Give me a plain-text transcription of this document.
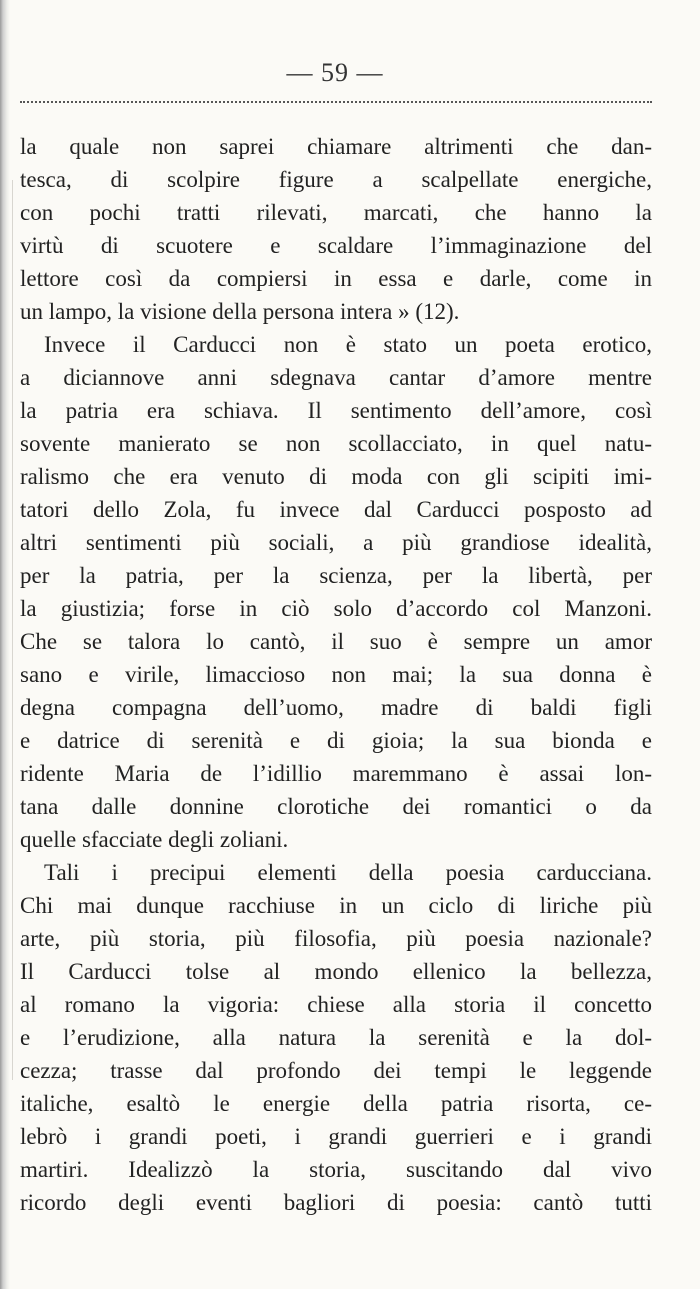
— 59 —
la quale non saprei chiamare altrimenti che dan-
tesca, di scolpire figure a scalpellate energiche,
con pochi tratti rilevati, marcati, che hanno la
virtù di scuotere e scaldare l’immaginazione del
lettore così da compiersi in essa e darle, come in
un lampo, la visione della persona intera » (12).
Invece il Carducci non è stato un poeta erotico,
a diciannove anni sdegnava cantar d’amore mentre
la patria era schiava. Il sentimento dell’amore, così
sovente manierato se non scollacciato, in quel natu-
ralismo che era venuto di moda con gli scipiti imi-
tatori dello Zola, fu invece dal Carducci posposto ad
altri sentimenti più sociali, a più grandiose idealità,
per la patria, per la scienza, per la libertà, per
la giustizia; forse in ciò solo d’accordo col Manzoni.
Che se talora lo cantò, il suo è sempre un amor
sano e virile, limaccioso non mai; la sua donna è
degna compagna dell’uomo, madre di baldi figli
e datrice di serenità e di gioia; la sua bionda e
ridente Maria de l’idillio maremmano è assai lon-
tana dalle donnine clorotiche dei romantici o da
quelle sfacciate degli zoliani.
Tali i precipui elementi della poesia carducciana.
Chi mai dunque racchiuse in un ciclo di liriche più
arte, più storia, più filosofia, più poesia nazionale?
Il Carducci tolse al mondo ellenico la bellezza,
al romano la vigoria: chiese alla storia il concetto
e l’erudizione, alla natura la serenità e la dol-
cezza; trasse dal profondo dei tempi le leggende
italiche, esaltò le energie della patria risorta, ce-
lebrò i grandi poeti, i grandi guerrieri e i grandi
martiri. Idealizzò la storia, suscitando dal vivo
ricordo degli eventi bagliori di poesia: cantò tutti
